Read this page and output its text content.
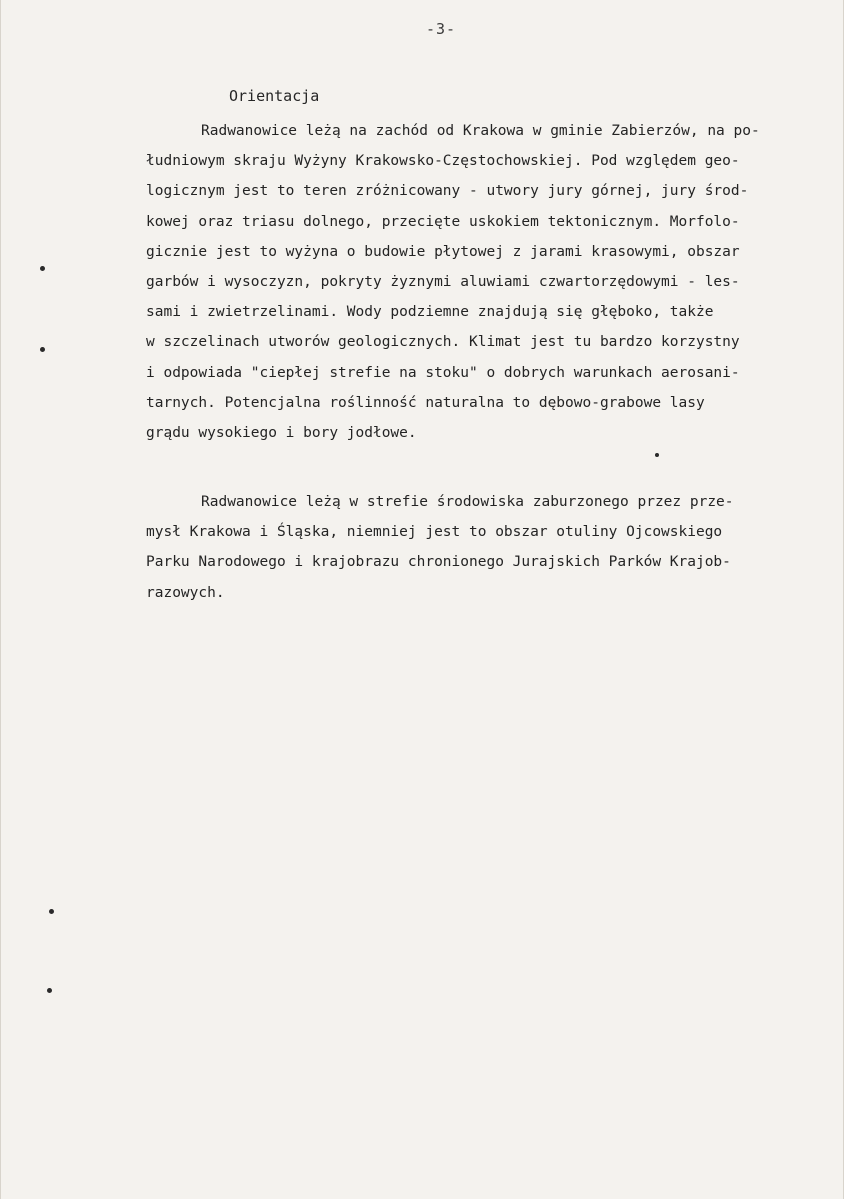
-3-
Orientacja
Radwanowice leżą na zachód od Krakowa w gminie Zabierzów, na po-
łudniowym skraju Wyżyny Krakowsko-Częstochowskiej. Pod względem geo-
logicznym jest to teren zróżnicowany - utwory jury górnej, jury środ-
kowej oraz triasu dolnego, przecięte uskokiem tektonicznym. Morfolo-
gicznie jest to wyżyna o budowie płytowej z jarami krasowymi, obszar
garbów i wysoczyzn, pokryty żyznymi aluwiami czwartorzędowymi - les-
sami i zwietrzelinami. Wody podziemne znajdują się głęboko, także
w szczelinach utworów geologicznych. Klimat jest tu bardzo korzystny
i odpowiada "ciepłej strefie na stoku" o dobrych warunkach aerosani-
tarnych. Potencjalna roślinność naturalna to dębowo-grabowe lasy
grądu wysokiego i bory jodłowe.
Radwanowice leżą w strefie środowiska zaburzonego przez prze-
mysł Krakowa i Śląska, niemniej jest to obszar otuliny Ojcowskiego
Parku Narodowego i krajobrazu chronionego Jurajskich Parków Krajob-
razowych.
